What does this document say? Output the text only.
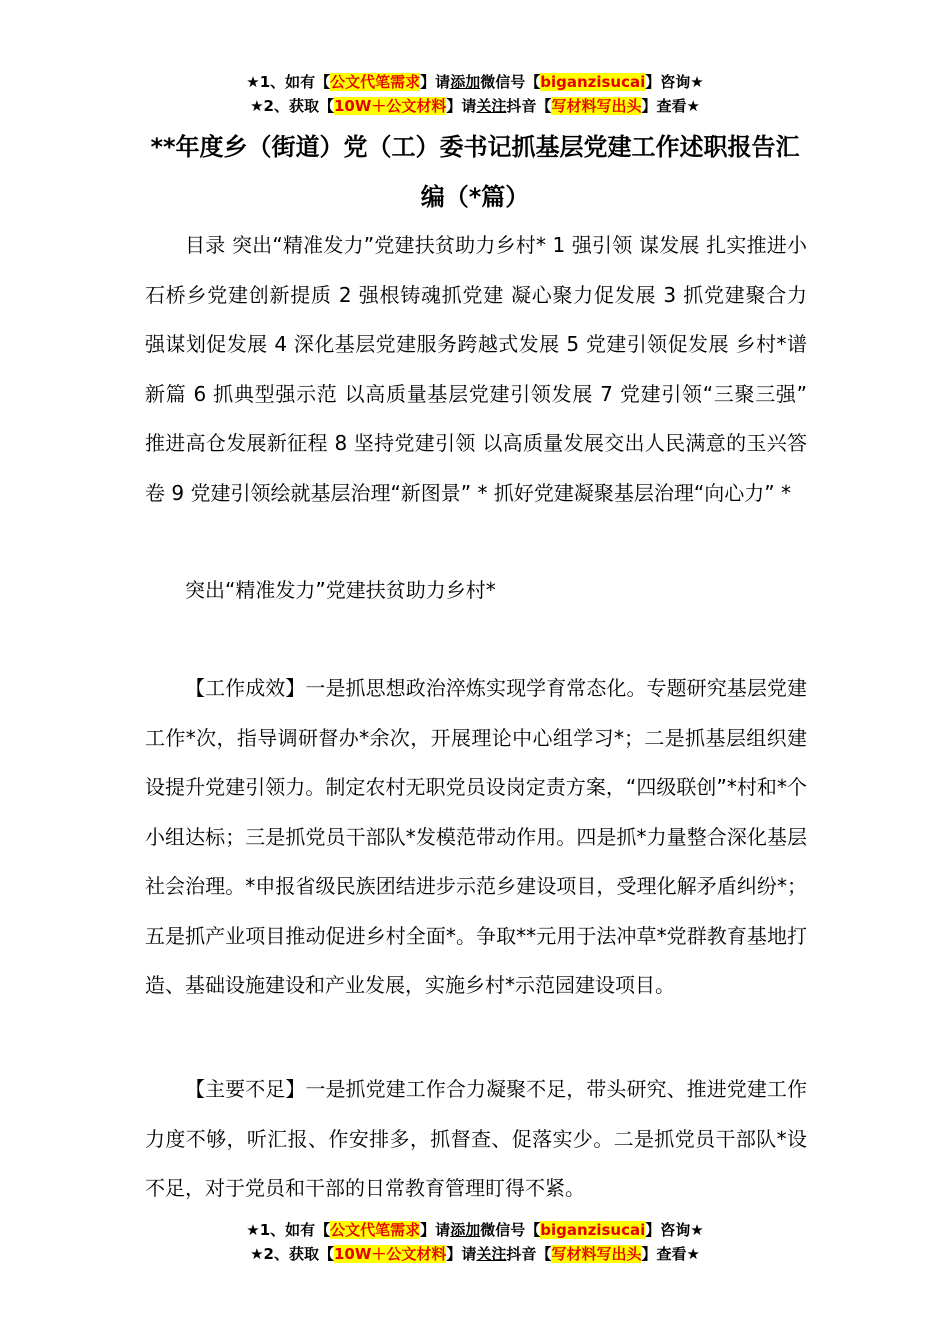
★1、如有【公文代笔需求】请添加微信号【biganzisucai】咨询★
★2、获取【10W＋公文材料】请关注抖音【写材料写出头】查看★
**年度乡（街道）党（工）委书记抓基层党建工作述职报告汇编（*篇）

目录 突出“精准发力”党建扶贫助力乡村* 1 强引领 谋发展 扎实推进小石桥乡党建创新提质 2 强根铸魂抓党建 凝心聚力促发展 3 抓党建聚合力 强谋划促发展 4 深化基层党建服务跨越式发展 5 党建引领促发展 乡村*谱新篇 6 抓典型强示范 以高质量基层党建引领发展 7 党建引领“三聚三强” 推进高仓发展新征程 8 坚持党建引领 以高质量发展交出人民满意的玉兴答卷 9 党建引领绘就基层治理“新图景” * 抓好党建凝聚基层治理“向心力” *

突出“精准发力”党建扶贫助力乡村*

【工作成效】一是抓思想政治淬炼实现学育常态化。专题研究基层党建工作*次，指导调研督办*余次，开展理论中心组学习*；二是抓基层组织建设提升党建引领力。制定农村无职党员设岗定责方案，“四级联创”*村和*个小组达标；三是抓党员干部队*发模范带动作用。四是抓*力量整合深化基层社会治理。*申报省级民族团结进步示范乡建设项目，受理化解矛盾纠纷*；五是抓产业项目推动促进乡村全面*。争取**元用于法冲草*党群教育基地打造、基础设施建设和产业发展，实施乡村*示范园建设项目。

【主要不足】一是抓党建工作合力凝聚不足，带头研究、推进党建工作力度不够，听汇报、作安排多，抓督查、促落实少。二是抓党员干部队*设不足，对于党员和干部的日常教育管理盯得不紧。

★1、如有【公文代笔需求】请添加微信号【biganzisucai】咨询★
★2、获取【10W＋公文材料】请关注抖音【写材料写出头】查看★
